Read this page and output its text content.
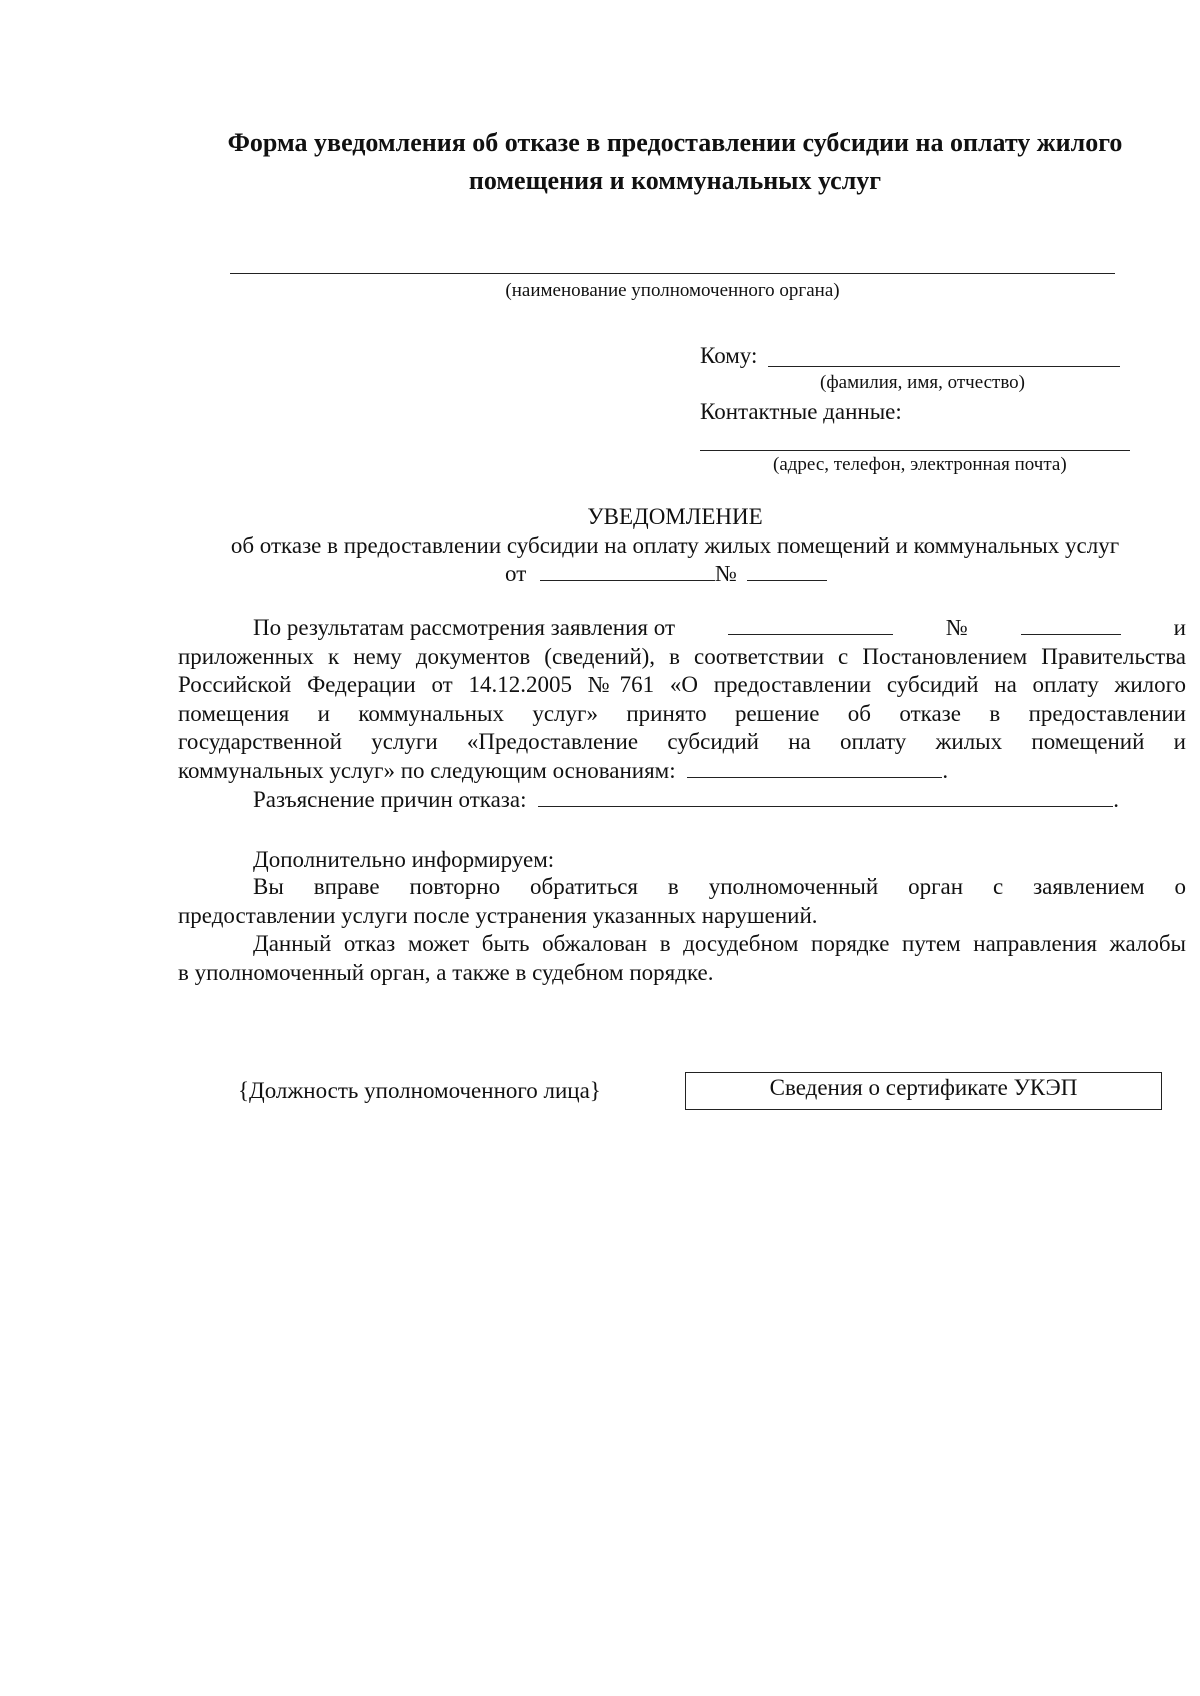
Форма уведомления об отказе в предоставлении субсидии на оплату жилого
помещения и коммунальных услуг
(наименование уполномоченного органа)
Кому:
(фамилия, имя, отчество)
Контактные данные:
(адрес, телефон, электронная почта)
УВЕДОМЛЕНИЕ
об отказе в предоставлении субсидии на оплату жилых помещений и коммунальных услуг
от	№
По результатам рассмотрения заявления от	№	и
приложенных к нему документов (сведений), в соответствии с Постановлением Правительства
Российской Федерации от 14.12.2005 №761 «О предоставлении субсидий на оплату жилого
помещения и коммунальных услуг» принято решение об отказе в предоставлении
государственной услуги «Предоставление субсидий на оплату жилых помещений и
коммунальных услуг» по следующим основаниям:	.
Разъяснение причин отказа:	.
Дополнительно информируем:
Вы вправе повторно обратиться в уполномоченный орган с заявлением о
предоставлении услуги после устранения указанных нарушений.
Данный отказ может быть обжалован в досудебном порядке путем направления жалобы
в уполномоченный орган, а также в судебном порядке.
{Должность уполномоченного лица}	Сведения о сертификате УКЭП
